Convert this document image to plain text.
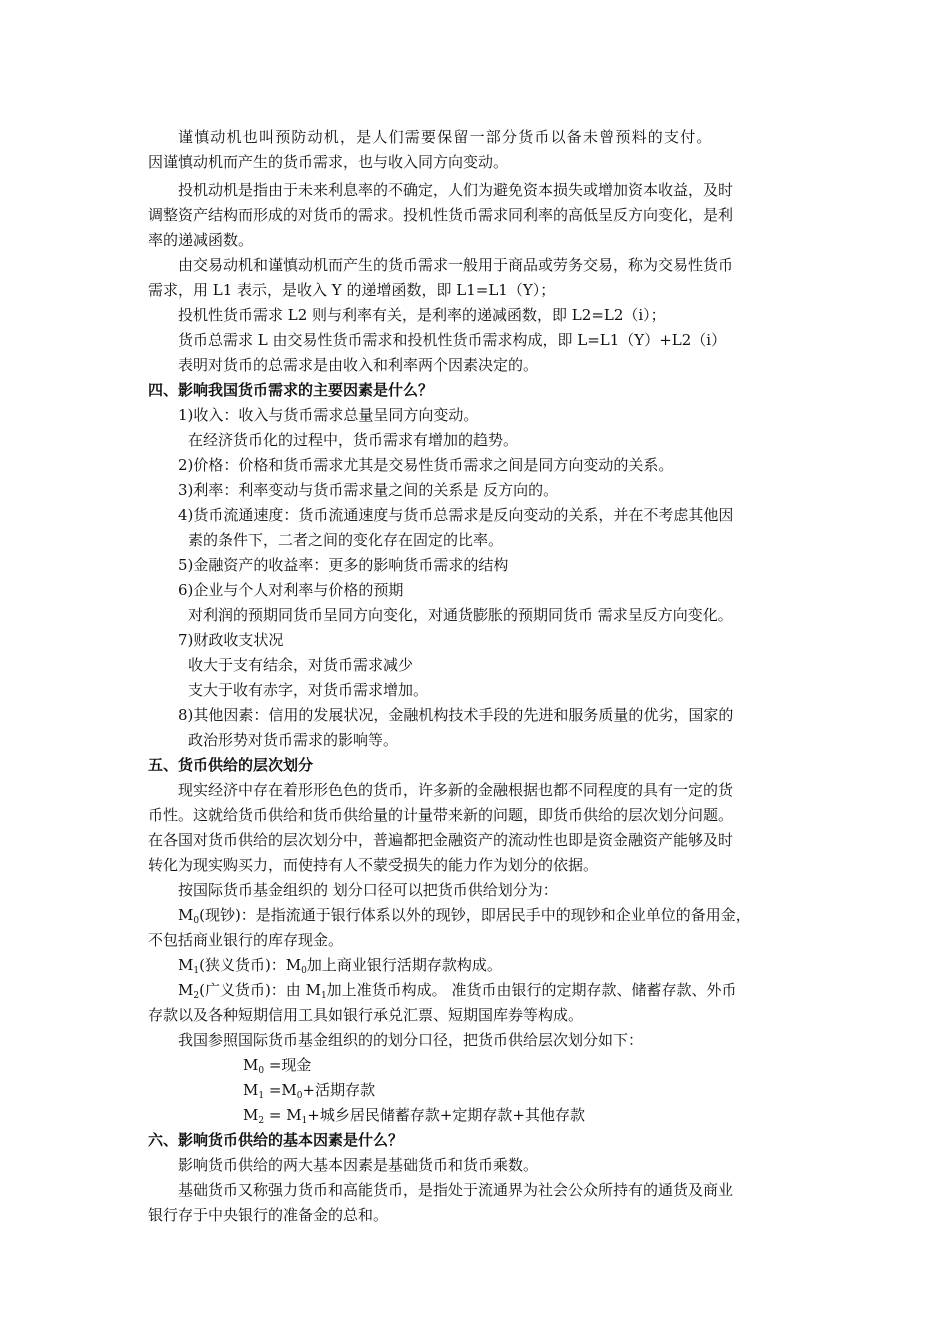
谨慎动机也叫预防动机，是人们需要保留一部分货币以备未曾预料的支付。
因谨慎动机而产生的货币需求，也与收入同方向变动。
投机动机是指由于未来利息率的不确定，人们为避免资本损失或增加资本收益，及时
调整资产结构而形成的对货币的需求。投机性货币需求同利率的高低呈反方向变化，是利
率的递减函数。
由交易动机和谨慎动机而产生的货币需求一般用于商品或劳务交易，称为交易性货币
需求，用 L1 表示，是收入 Y 的递增函数，即 L1=L1（Y）；
投机性货币需求 L2 则与利率有关，是利率的递减函数，即 L2=L2（i）；
货币总需求 L 由交易性货币需求和投机性货币需求构成，即 L=L1（Y）+L2（i）
表明对货币的总需求是由收入和利率两个因素决定的。
四、影响我国货币需求的主要因素是什么？
1)收入：收入与货币需求总量呈同方向变动。
在经济货币化的过程中，货币需求有增加的趋势。
2)价格：价格和货币需求尤其是交易性货币需求之间是同方向变动的关系。
3)利率：利率变动与货币需求量之间的关系是 反方向的。
4)货币流通速度：货币流通速度与货币总需求是反向变动的关系，并在不考虑其他因
素的条件下，二者之间的变化存在固定的比率。
5)金融资产的收益率：更多的影响货币需求的结构
6)企业与个人对利率与价格的预期
对利润的预期同货币呈同方向变化，对通货膨胀的预期同货币 需求呈反方向变化。
7)财政收支状况
收大于支有结余，对货币需求减少
支大于收有赤字，对货币需求增加。
8)其他因素：信用的发展状况，金融机构技术手段的先进和服务质量的优劣，国家的
政治形势对货币需求的影响等。
五、货币供给的层次划分
现实经济中存在着形形色色的货币，许多新的金融根据也都不同程度的具有一定的货
币性。这就给货币供给和货币供给量的计量带来新的问题，即货币供给的层次划分问题。
在各国对货币供给的层次划分中，普遍都把金融资产的流动性也即是资金融资产能够及时
转化为现实购买力，而使持有人不蒙受损失的能力作为划分的依据。
按国际货币基金组织的 划分口径可以把货币供给划分为：
$M_0$(现钞)：是指流通于银行体系以外的现钞，即居民手中的现钞和企业单位的备用金，
不包括商业银行的库存现金。
$M_1$(狭义货币)：$M_0$加上商业银行活期存款构成。
$M_2$(广义货币)：由 $M_1$加上准货币构成。 准货币由银行的定期存款、储蓄存款、外币
存款以及各种短期信用工具如银行承兑汇票、短期国库券等构成。
我国参照国际货币基金组织的的划分口径，把货币供给层次划分如下：
$M_0$ =现金
$M_1 =M_0+$活期存款
$M_2 = M_1+$城乡居民储蓄存款+定期存款+其他存款
六、影响货币供给的基本因素是什么？
影响货币供给的两大基本因素是基础货币和货币乘数。
基础货币又称强力货币和高能货币，是指处于流通界为社会公众所持有的通货及商业
银行存于中央银行的准备金的总和。
